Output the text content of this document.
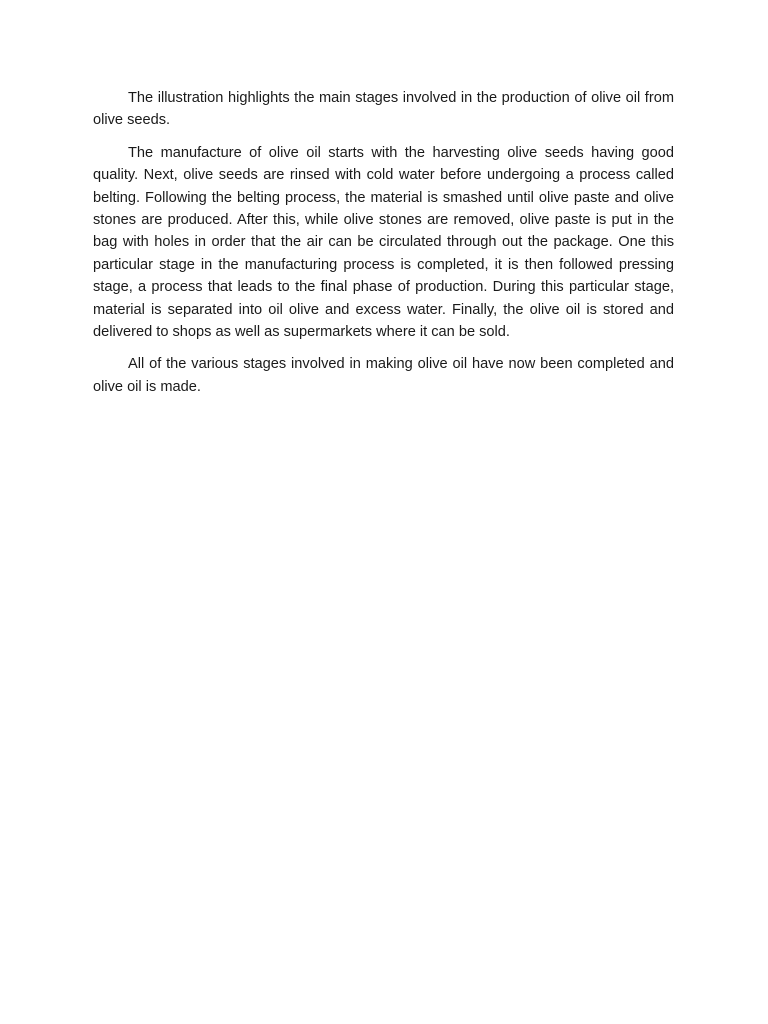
The illustration highlights the main stages involved in the production of olive oil from olive seeds.

The manufacture of olive oil starts with the harvesting olive seeds having good quality. Next, olive seeds are rinsed with cold water before undergoing a process called belting. Following the belting process, the material is smashed until olive paste and olive stones are produced. After this, while olive stones are removed, olive paste is put in the bag with holes in order that the air can be circulated through out the package. One this particular stage in the manufacturing process is completed, it is then followed pressing stage, a process that leads to the final phase of production. During this particular stage, material is separated into oil olive and excess water. Finally, the olive oil is stored and delivered to shops as well as supermarkets where it can be sold.

All of the various stages involved in making olive oil have now been completed and olive oil is made.
